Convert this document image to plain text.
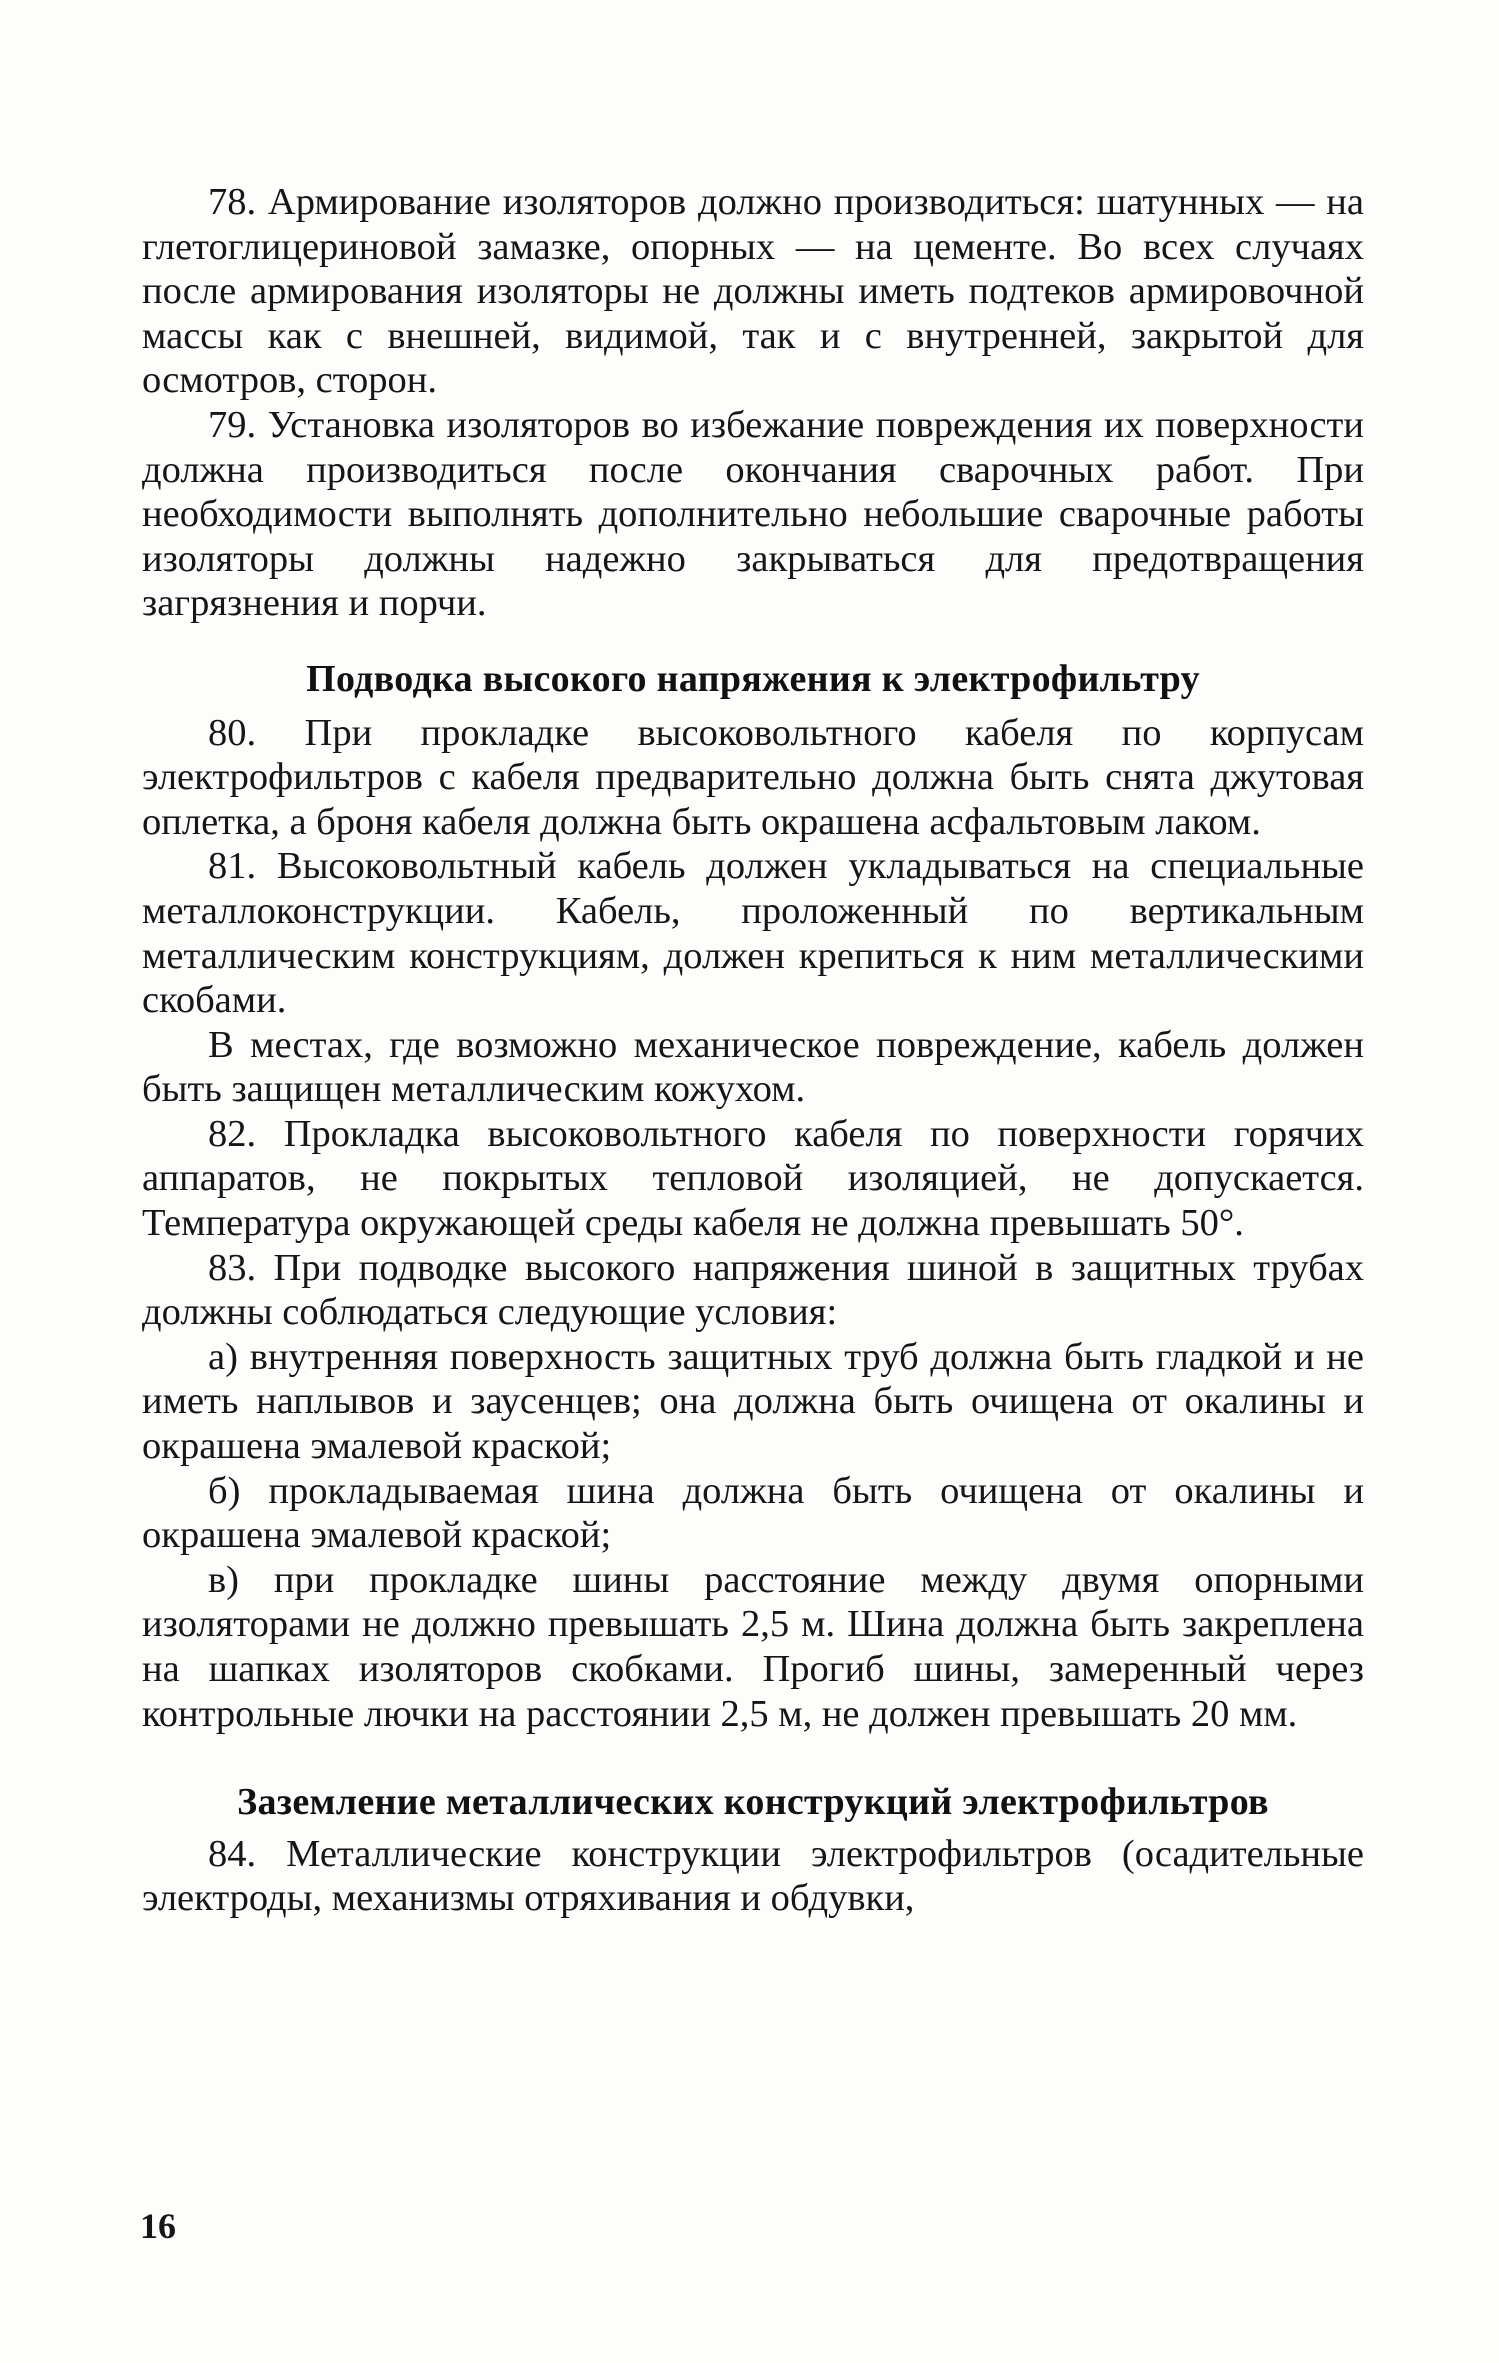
78. Армирование изоляторов должно производиться: шатунных — на глетоглицериновой замазке, опорных — на цементе. Во всех случаях после армирования изоляторы не должны иметь подтеков армировочной массы как с внешней, видимой, так и с внутренней, закрытой для осмотров, сторон.

79. Установка изоляторов во избежание повреждения их поверхности должна производиться после окончания сварочных работ. При необходимости выполнять дополнительно небольшие сварочные работы изоляторы должны надежно закрываться для предотвращения загрязнения и порчи.

Подводка высокого напряжения к электрофильтру

80. При прокладке высоковольтного кабеля по корпусам электрофильтров с кабеля предварительно должна быть снята джутовая оплетка, а броня кабеля должна быть окрашена асфальтовым лаком.

81. Высоковольтный кабель должен укладываться на специальные металлоконструкции. Кабель, проложенный по вертикальным металлическим конструкциям, должен крепиться к ним металлическими скобами.

В местах, где возможно механическое повреждение, кабель должен быть защищен металлическим кожухом.

82. Прокладка высоковольтного кабеля по поверхности горячих аппаратов, не покрытых тепловой изоляцией, не допускается. Температура окружающей среды кабеля не должна превышать 50°.

83. При подводке высокого напряжения шиной в защитных трубах должны соблюдаться следующие условия:

а) внутренняя поверхность защитных труб должна быть гладкой и не иметь наплывов и заусенцев; она должна быть очищена от окалины и окрашена эмалевой краской;

б) прокладываемая шина должна быть очищена от окалины и окрашена эмалевой краской;

в) при прокладке шины расстояние между двумя опорными изоляторами не должно превышать 2,5 м. Шина должна быть закреплена на шапках изоляторов скобками. Прогиб шины, замеренный через контрольные лючки на расстоянии 2,5 м, не должен превышать 20 мм.

Заземление металлических конструкций электрофильтров

84. Металлические конструкции электрофильтров (осадительные электроды, механизмы отряхивания и обдувки,

16
